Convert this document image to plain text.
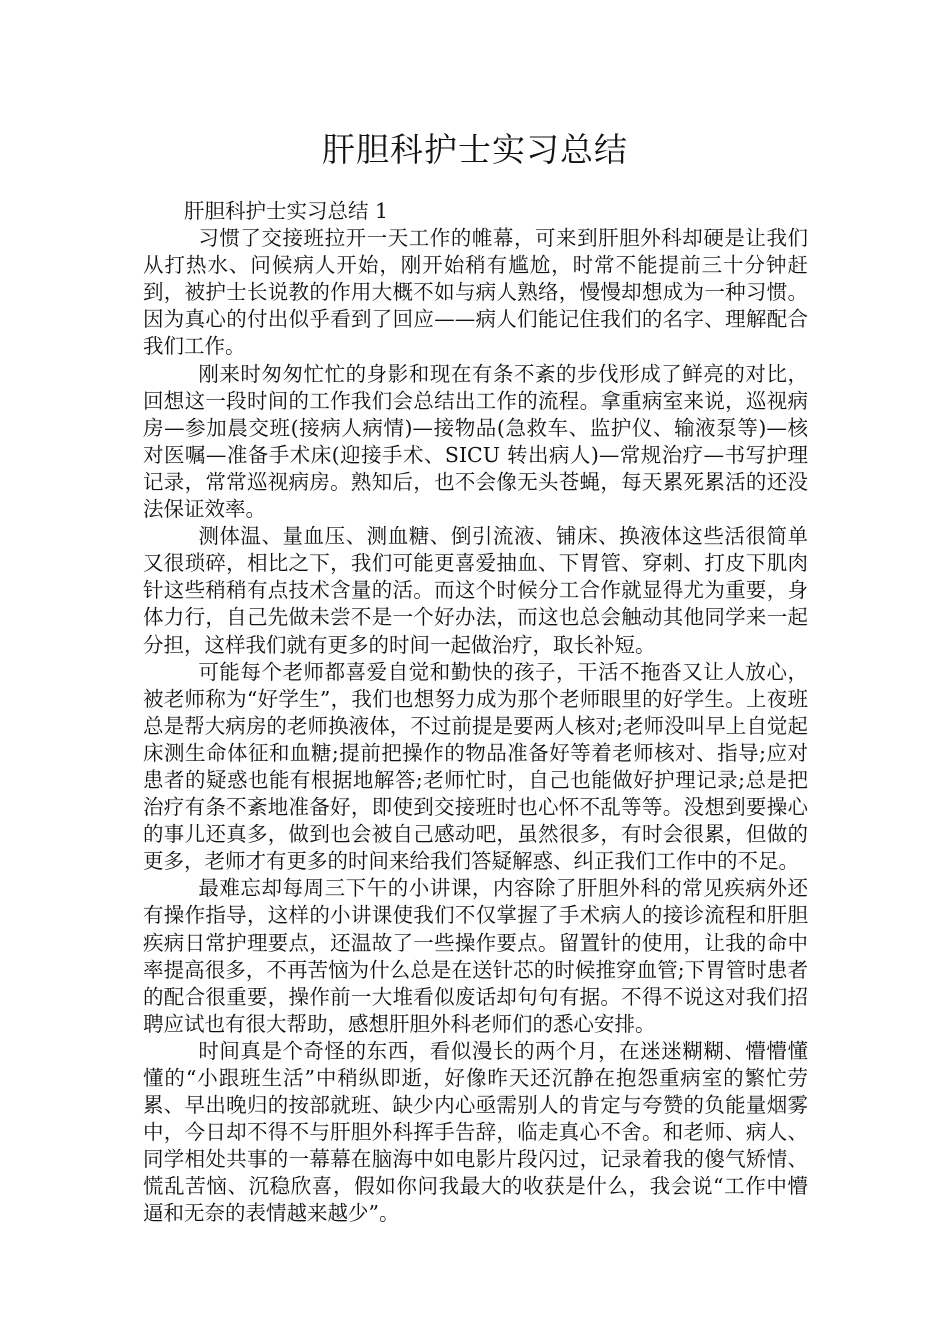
肝胆科护士实习总结

肝胆科护士实习总结 1

习惯了交接班拉开一天工作的帷幕，可来到肝胆外科却硬是让我们从打热水、问候病人开始，刚开始稍有尴尬，时常不能提前三十分钟赶到，被护士长说教的作用大概不如与病人熟络，慢慢却想成为一种习惯。因为真心的付出似乎看到了回应——病人们能记住我们的名字、理解配合我们工作。

刚来时匆匆忙忙的身影和现在有条不紊的步伐形成了鲜亮的对比，回想这一段时间的工作我们会总结出工作的流程。拿重病室来说，巡视病房—参加晨交班(接病人病情)—接物品(急救车、监护仪、输液泵等)—核对医嘱—准备手术床(迎接手术、SICU 转出病人)—常规治疗—书写护理记录，常常巡视病房。熟知后，也不会像无头苍蝇，每天累死累活的还没法保证效率。

测体温、量血压、测血糖、倒引流液、铺床、换液体这些活很简单又很琐碎，相比之下，我们可能更喜爱抽血、下胃管、穿刺、打皮下肌肉针这些稍稍有点技术含量的活。而这个时候分工合作就显得尤为重要，身体力行，自己先做未尝不是一个好办法，而这也总会触动其他同学来一起分担，这样我们就有更多的时间一起做治疗，取长补短。

可能每个老师都喜爱自觉和勤快的孩子，干活不拖沓又让人放心，被老师称为“好学生”，我们也想努力成为那个老师眼里的好学生。上夜班总是帮大病房的老师换液体，不过前提是要两人核对;老师没叫早上自觉起床测生命体征和血糖;提前把操作的物品准备好等着老师核对、指导;应对患者的疑惑也能有根据地解答;老师忙时，自己也能做好护理记录;总是把治疗有条不紊地准备好，即使到交接班时也心怀不乱等等。没想到要操心的事儿还真多，做到也会被自己感动吧，虽然很多，有时会很累，但做的更多，老师才有更多的时间来给我们答疑解惑、纠正我们工作中的不足。

最难忘却每周三下午的小讲课，内容除了肝胆外科的常见疾病外还有操作指导，这样的小讲课使我们不仅掌握了手术病人的接诊流程和肝胆疾病日常护理要点，还温故了一些操作要点。留置针的使用，让我的命中率提高很多，不再苦恼为什么总是在送针芯的时候推穿血管;下胃管时患者的配合很重要，操作前一大堆看似废话却句句有据。不得不说这对我们招聘应试也有很大帮助，感想肝胆外科老师们的悉心安排。

时间真是个奇怪的东西，看似漫长的两个月，在迷迷糊糊、懵懵懂懂的“小跟班生活”中稍纵即逝，好像昨天还沉静在抱怨重病室的繁忙劳累、早出晚归的按部就班、缺少内心亟需别人的肯定与夸赞的负能量烟雾中，今日却不得不与肝胆外科挥手告辞，临走真心不舍。和老师、病人、同学相处共事的一幕幕在脑海中如电影片段闪过，记录着我的傻气矫情、慌乱苦恼、沉稳欣喜，假如你问我最大的收获是什么，我会说“工作中懵逼和无奈的表情越来越少”。
